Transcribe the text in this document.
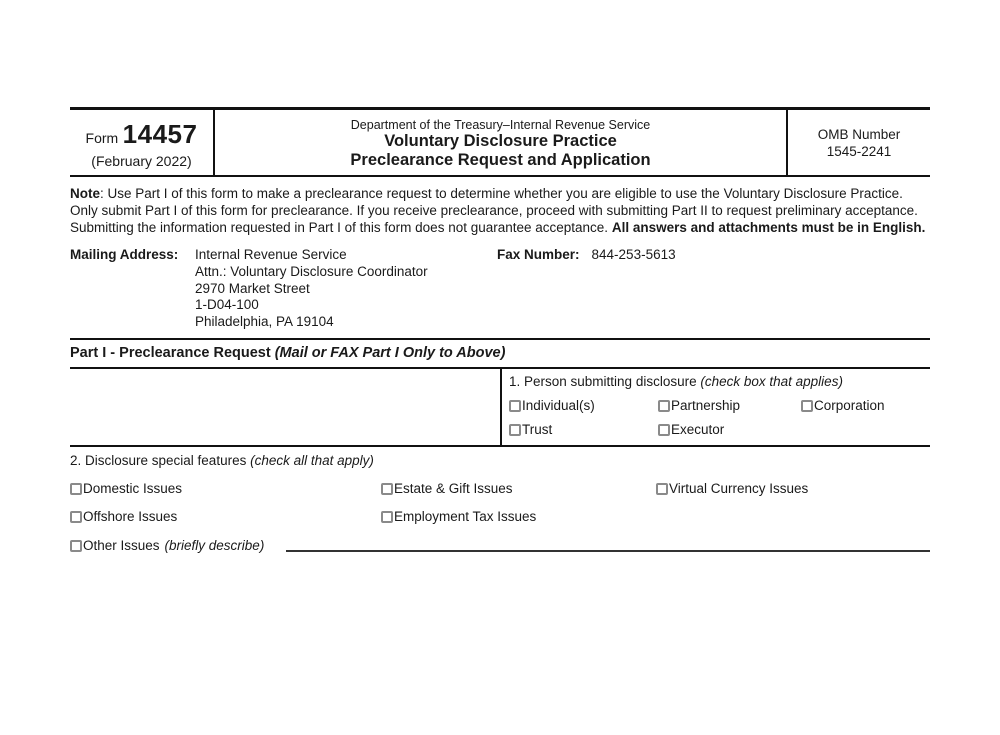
Form 14457
(February 2022)
Department of the Treasury–Internal Revenue Service
Voluntary Disclosure Practice
Preclearance Request and Application
OMB Number
1545-2241
Note: Use Part I of this form to make a preclearance request to determine whether you are eligible to use the Voluntary Disclosure Practice. Only submit Part I of this form for preclearance. If you receive preclearance, proceed with submitting Part II to request preliminary acceptance. Submitting the information requested in Part I of this form does not guarantee acceptance. All answers and attachments must be in English.
Mailing Address:	Internal Revenue Service
Attn.: Voluntary Disclosure Coordinator
2970 Market Street
1-D04-100
Philadelphia, PA 19104
Fax Number: 844-253-5613
Part I - Preclearance Request (Mail or FAX Part I Only to Above)
1. Person submitting disclosure (check box that applies)
Individual(s)	Partnership	Corporation
Trust	Executor
2. Disclosure special features (check all that apply)
Domestic Issues	Estate & Gift Issues	Virtual Currency Issues
Offshore Issues	Employment Tax Issues
Other Issues (briefly describe)
